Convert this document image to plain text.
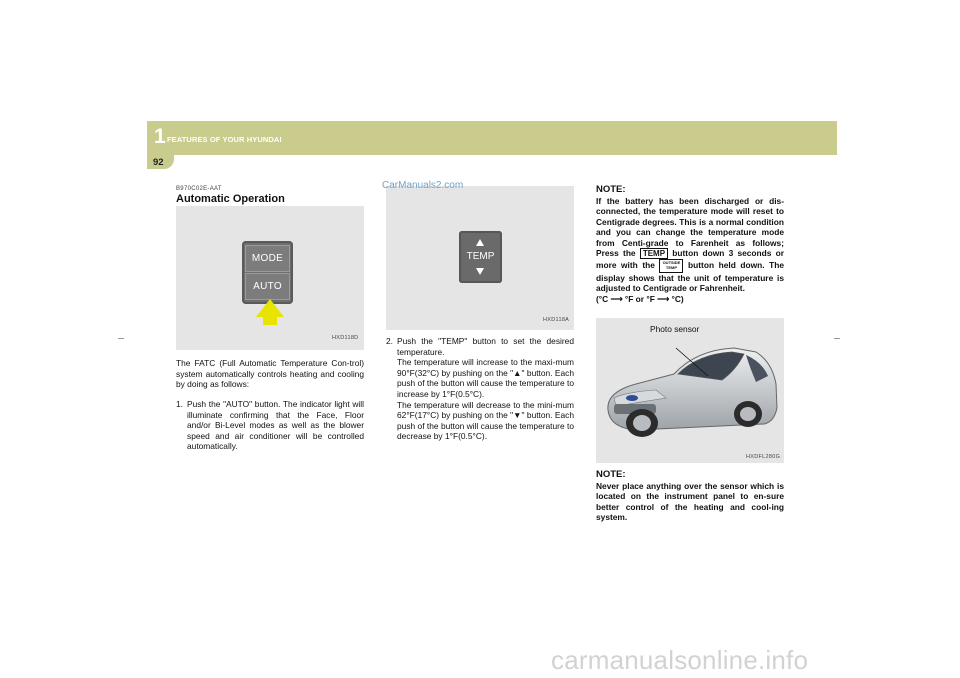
1 FEATURES OF YOUR HYUNDAI
92
B970C02E-AAT
Automatic Operation
MODE
AUTO
HXD118D

The FATC (Full Automatic Temperature Con-trol) system automatically controls heating and cooling by doing as follows:

1. Push the "AUTO" button. The indicator light will illuminate confirming that the Face, Floor and/or Bi-Level modes as well as the blower speed and air conditioner will be controlled automatically.
TEMP
HXD118A
CarManuals2.com
2. Push the "TEMP" button to set the desired temperature.
The temperature will increase to the maxi-mum 90°F(32°C) by pushing on the "▲" button. Each push of the button will cause the temperature to increase by 1°F(0.5°C).
The temperature will decrease to the mini-mum 62°F(17°C) by pushing on the "▼" button. Each push of the button will cause the temperature to decrease by 1°F(0.5°C).
NOTE:
If the battery has been discharged or dis-connected, the temperature mode will reset to Centigrade degrees. This is a normal condition and you can change the temperature mode from Centi-grade to Farenheit as follows; Press the TEMP button down 3 seconds or more with the OUTSIDE TEMP button held down. The display shows that the unit of temperature is adjusted to Centigrade or Fahrenheit.
(°C ⟶ °F or °F ⟶ °C)
Photo sensor
HXDFL280G
NOTE:
Never place anything over the sensor which is located on the instrument panel to en-sure better control of the heating and cool-ing system.
carmanualsonline.info
